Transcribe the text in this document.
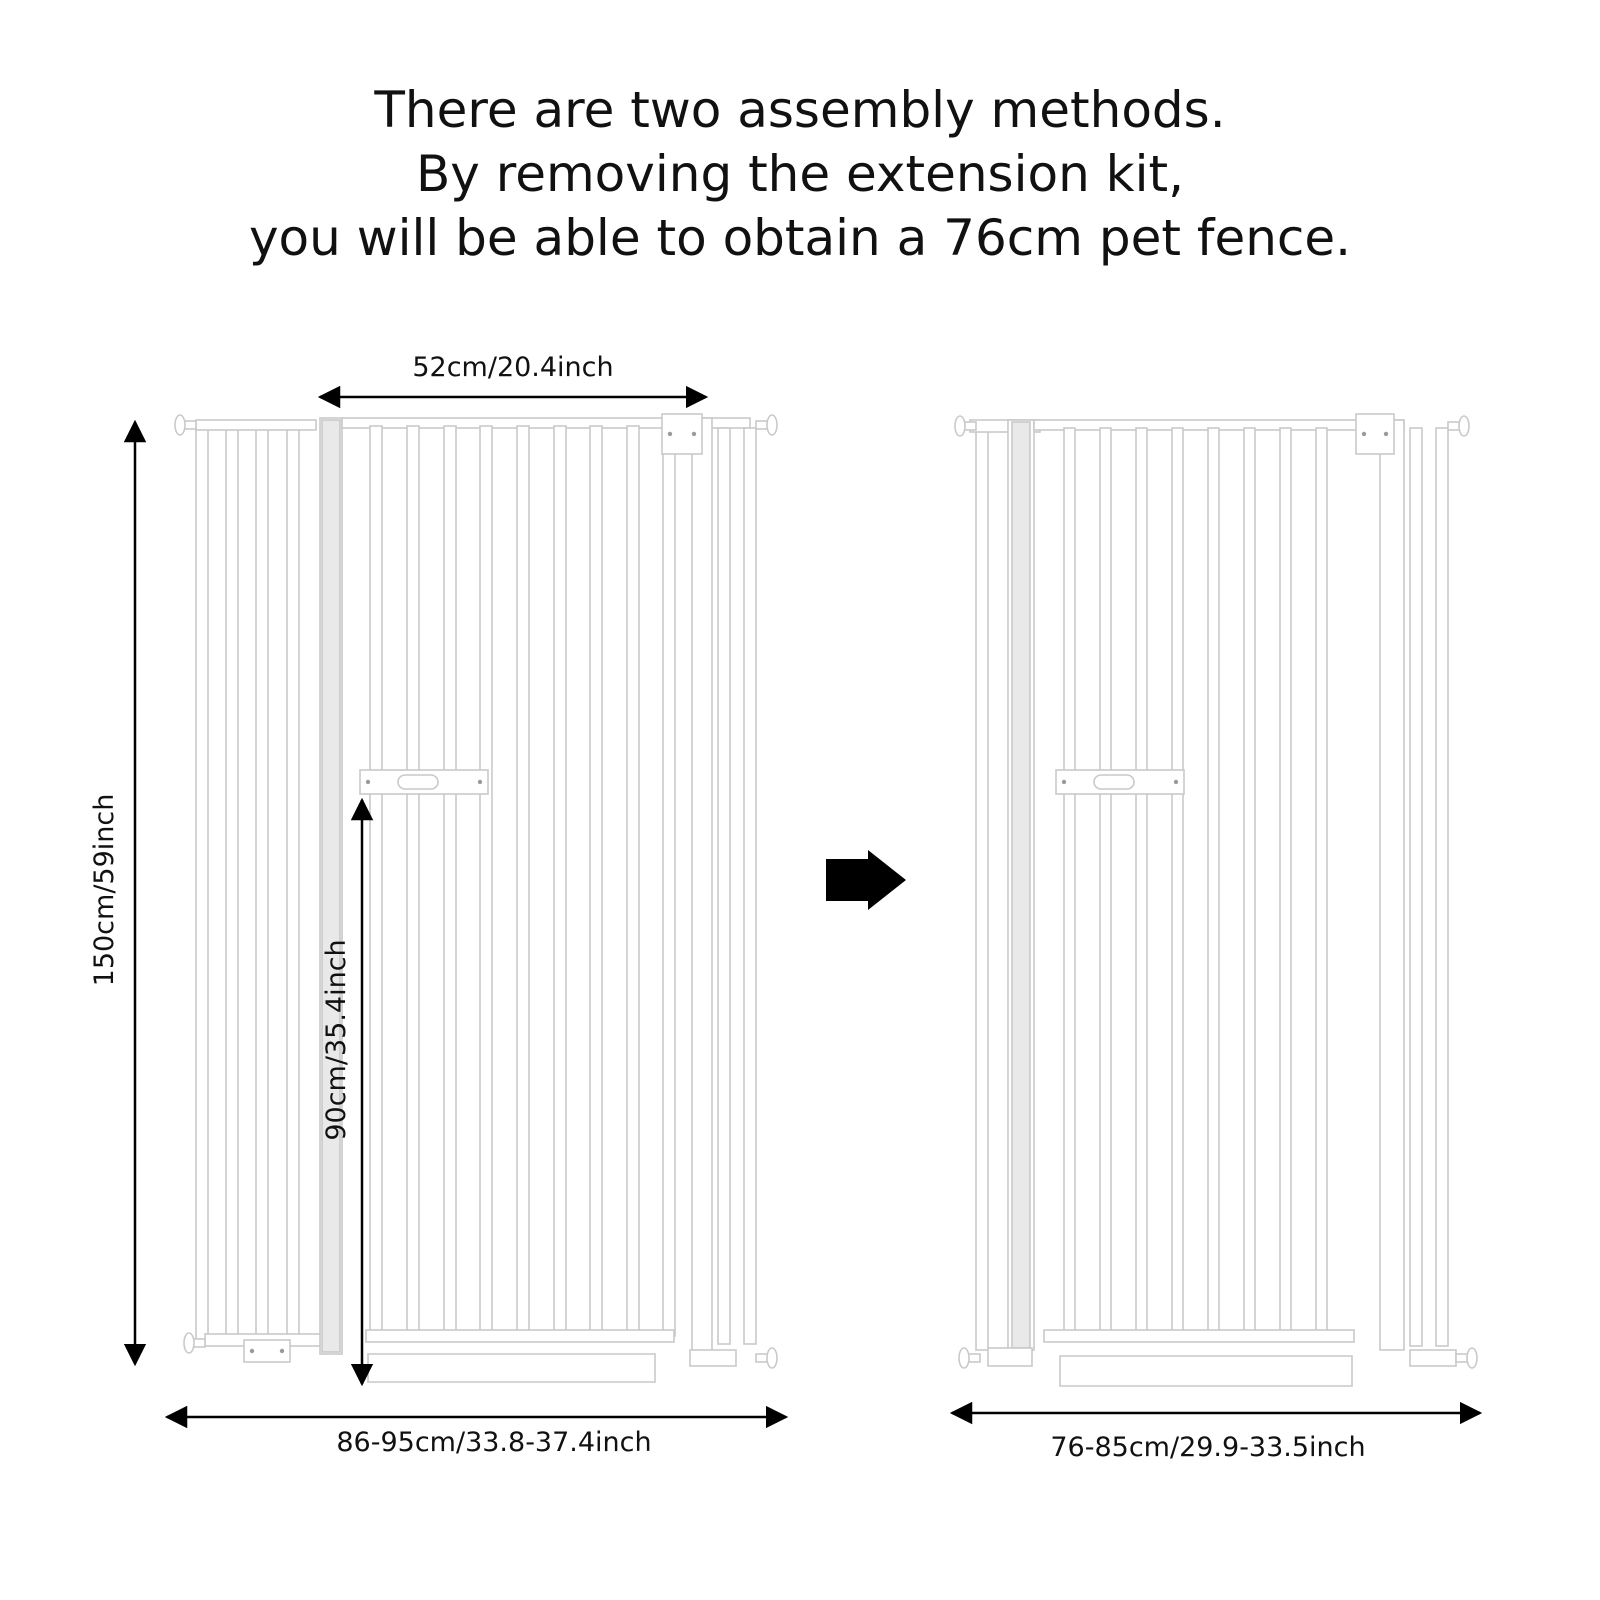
There are two assembly methods.
By removing the extension kit,
you will be able to obtain a 76cm pet fence.
52cm/20.4inch
150cm/59inch
90cm/35.4inch
86-95cm/33.8-37.4inch	76-85cm/29.9-33.5inch
